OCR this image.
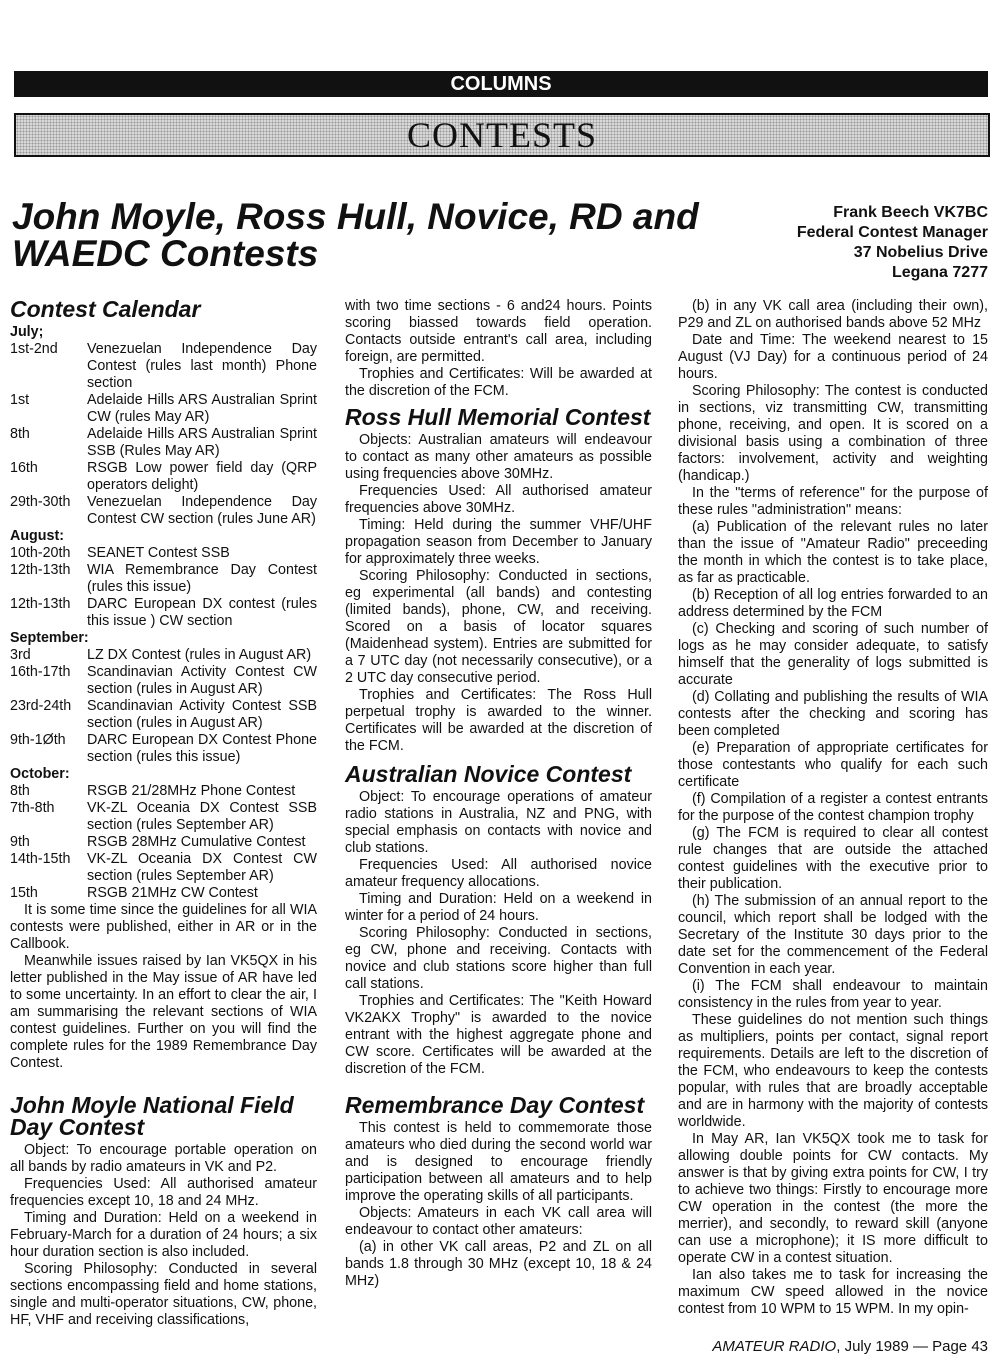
COLUMNS
CONTESTS
John Moyle, Ross Hull, Novice, RD and WAEDC Contests
Frank Beech VK7BC
Federal Contest Manager
37 Nobelius Drive
Legana 7277
Contest Calendar
July;
1st-2nd	Venezuelan Independence Day Contest (rules last month) Phone section
1st	Adelaide Hills ARS Australian Sprint CW (rules May AR)
8th	Adelaide Hills ARS Australian Sprint SSB (Rules May AR)
16th	RSGB Low power field day (QRP operators delight)
29th-30th	Venezuelan Independence Day Contest CW section (rules June AR)
August:
10th-20th	SEANET Contest SSB
12th-13th	WIA Remembrance Day Contest (rules this issue)
12th-13th	DARC European DX contest (rules this issue ) CW section
September:
3rd	LZ DX Contest (rules in August AR)
16th-17th	Scandinavian Activity Contest CW section (rules in August AR)
23rd-24th	Scandinavian Activity Contest SSB section (rules in August AR)
9th-1Øth	DARC European DX Contest Phone section (rules this issue)
October:
8th	RSGB 21/28MHz Phone Contest
7th-8th	VK-ZL Oceania DX Contest SSB section (rules September AR)
9th	RSGB 28MHz Cumulative Contest
14th-15th	VK-ZL Oceania DX Contest CW section (rules September AR)
15th	RSGB 21MHz CW Contest

It is some time since the guidelines for all WIA contests were published, either in AR or in the Callbook.

Meanwhile issues raised by Ian VK5QX in his letter published in the May issue of AR have led to some uncertainty. In an effort to clear the air, I am summarising the relevant sections of WIA contest guidelines. Further on you will find the complete rules for the 1989 Remembrance Day Contest.

John Moyle National Field Day Contest

Object: To encourage portable operation on all bands by radio amateurs in VK and P2.

Frequencies Used: All authorised amateur frequencies except 10, 18 and 24 MHz.

Timing and Duration: Held on a weekend in February-March for a duration of 24 hours; a six hour duration section is also included.

Scoring Philosophy: Conducted in several sections encompassing field and home stations, single and multi-operator situations, CW, phone, HF, VHF and receiving classifications,

with two time sections - 6 and24 hours. Points scoring biassed towards field operation. Contacts outside entrant's call area, including foreign, are permitted.

Trophies and Certificates: Will be awarded at the discretion of the FCM.

Ross Hull Memorial Contest

Objects: Australian amateurs will endeavour to contact as many other amateurs as possible using frequencies above 30MHz.

Frequencies Used: All authorised amateur frequencies above 30MHz.

Timing: Held during the summer VHF/UHF propagation season from December to January for approximately three weeks.

Scoring Philosophy: Conducted in sections, eg experimental (all bands) and contesting (limited bands), phone, CW, and receiving. Scored on a basis of locator squares (Maidenhead system). Entries are submitted for a 7 UTC day (not necessarily consecutive), or a 2 UTC day consecutive period.

Trophies and Certificates: The Ross Hull perpetual trophy is awarded to the winner. Certificates will be awarded at the discretion of the FCM.

Australian Novice Contest

Object: To encourage operations of amateur radio stations in Australia, NZ and PNG, with special emphasis on contacts with novice and club stations.

Frequencies Used: All authorised novice amateur frequency allocations.

Timing and Duration: Held on a weekend in winter for a period of 24 hours.

Scoring Philosophy: Conducted in sections, eg CW, phone and receiving. Contacts with novice and club stations score higher than full call stations.

Trophies and Certificates: The "Keith Howard VK2AKX Trophy" is awarded to the novice entrant with the highest aggregate phone and CW score. Certificates will be awarded at the discretion of the FCM.

Remembrance Day Contest

This contest is held to commemorate those amateurs who died during the second world war and is designed to encourage friendly participation between all amateurs and to help improve the operating skills of all participants.

Objects: Amateurs in each VK call area will endeavour to contact other amateurs:

(a) in other VK call areas, P2 and ZL on all bands 1.8 through 30 MHz (except 10, 18 & 24 MHz)

(b) in any VK call area (including their own), P29 and ZL on authorised bands above 52 MHz

Date and Time: The weekend nearest to 15 August (VJ Day) for a continuous period of 24 hours.

Scoring Philosophy: The contest is conducted in sections, viz transmitting CW, transmitting phone, receiving, and open. It is scored on a divisional basis using a combination of three factors: involvement, activity and weighting (handicap.)

In the "terms of reference" for the purpose of these rules "administration" means:

(a) Publication of the relevant rules no later than the issue of "Amateur Radio" preceeding the month in which the contest is to take place, as far as practicable.

(b) Reception of all log entries forwarded to an address determined by the FCM

(c) Checking and scoring of such number of logs as he may consider adequate, to satisfy himself that the generality of logs submitted is accurate

(d) Collating and publishing the results of WIA contests after the checking and scoring has been completed

(e) Preparation of appropriate certificates for those contestants who qualify for each such certificate

(f) Compilation of a register a contest entrants for the purpose of the contest champion trophy

(g) The FCM is required to clear all contest rule changes that are outside the attached contest guidelines with the executive prior to their publication.

(h) The submission of an annual report to the council, which report shall be lodged with the Secretary of the Institute 30 days prior to the date set for the commencement of the Federal Convention in each year.

(i) The FCM shall endeavour to maintain consistency in the rules from year to year.

These guidelines do not mention such things as multipliers, points per contact, signal report requirements. Details are left to the discretion of the FCM, who endeavours to keep the contests popular, with rules that are broadly acceptable and are in harmony with the majority of contests worldwide.

In May AR, Ian VK5QX took me to task for allowing double points for CW contacts. My answer is that by giving extra points for CW, I try to achieve two things: Firstly to encourage more CW operation in the contest (the more the merrier), and secondly, to reward skill (anyone can use a microphone); it IS more difficult to operate CW in a contest situation.

Ian also takes me to task for increasing the maximum CW speed allowed in the novice contest from 10 WPM to 15 WPM. In my opin-

AMATEUR RADIO, July 1989 — Page 43
